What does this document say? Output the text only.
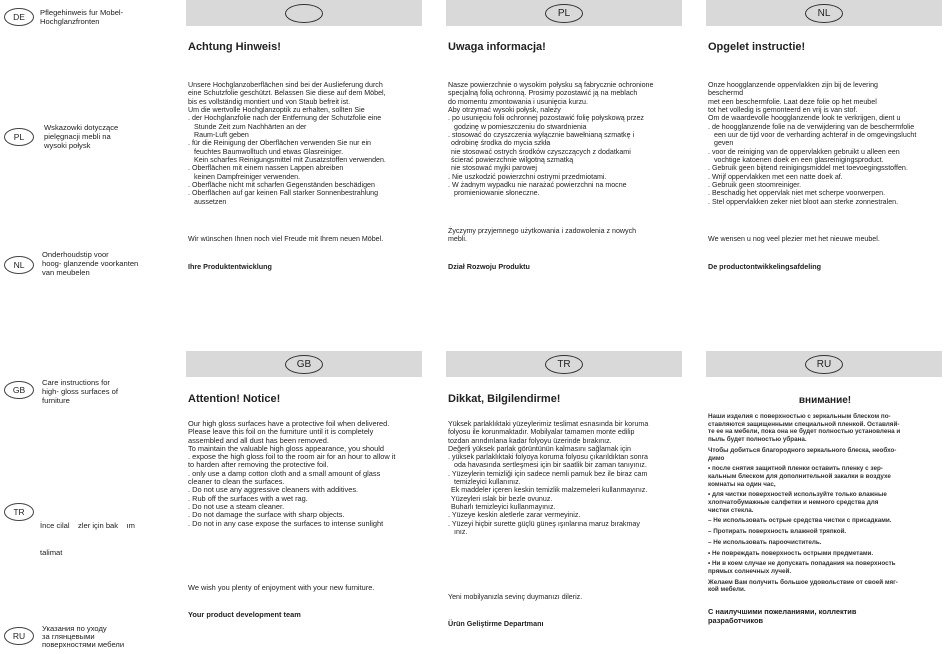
DE	Pflegehinweis fur Mobel-
Hochglanzfronten
PL
Wskazowki dotyczące
pielęgnacji mebli na
wysoki połysk
NL
Onderhoudstip voor
hoog- glanzende voorkanten
van meubelen
GB
Care instructions for
high- gloss surfaces of
furniture
TR

İnce cilal    zler için bak    ım

talimat

RU
Указания по уходу
за глянцевыми
поверхностями мебели
Achtung Hinweis!

Unsere Hochglanzoberflächen sind bei der Auslieferung durch

eine Schutzfolie geschützt. Belassen Sie diese auf dem Möbel,

bis es vollständig montiert und von Staub befreit ist.

Um die wertvolle Hochglanzoptik zu erhalten, sollten Sie

. der Hochglanzfolie nach der Entfernung der Schutzfolie eine

Stunde Zeit zum Nachhärten an der

Raum-Luft geben

. für die Reinigung der Oberflächen verwenden Sie nur ein

feuchtes Baumwolltuch und etwas Glasreiniger.

Kein scharfes Reinigungsmittel mit Zusatzstoffen verwenden.

. Oberflächen mit einem nassen Lappen abreiben

keinen Dampfreiniger verwenden.

. Oberfläche nicht mit scharfen Gegenständen beschädigen

. Oberflächen auf gar keinen Fall starker Sonnenbestrahlung

aussetzen

Wir wünschen Ihnen noch viel Freude mit Ihrem neuen Möbel.

Ihre Produktentwicklung
PL
Uwaga informacja!

Nasze powierzchnie o wysokim połysku są fabrycznie ochronione

specjalną folią ochronną. Prosimy pozostawić ją na meblach

do momentu zmontowania i usunięcia kurzu.

Aby otrzymać wysoki połysk, należy

. po usunięciu folii ochronnej pozostawić folię połyskową przez

godzinę w pomieszczeniu do stwardnienia

. stosować do czyszczenia wyłącznie bawełnianą szmatkę i

odrobinę środka do mycia szkła

nie stosować ostrych środków czyszczących z dodatkami

ścierać powierzchnie wilgotną szmatką

nie stosować myjki parowej

. Nie uszkodzić powierzchni ostrymi przedmiotami.

. W żadnym wypadku nie narażać powierzchni na mocne

promieniowanie słoneczne.

Życzymy przyjemnego użytkowania i zadowolenia z nowych

mebli.

Dział Rozwoju Produktu
NL
Opgelet instructie!

Onze hoogglanzende oppervlakken zijn bij de levering

beschermd

met een beschermfolie. Laat deze folie op het meubel

tot het volledig is gemonteerd en vrij is van stof.

Om de waardevolle hoogglanzende look te verkrijgen, dient u

. de hoogglanzende folie na de verwijdering van de beschermfolie

een uur de tijd voor de verharding achteraf in de omgevingslucht

geven

. voor de reiniging van de oppervlakken gebruikt u alleen een

vochtige katoenen doek en een glasreinigingsproduct.

. Gebruik geen bijtend reinigingsmiddel met toevoegingsstoffen.

. Wrijf oppervlakken met een natte doek af.

. Gebruik geen stoomreiniger.

. Beschadig het oppervlak niet met scherpe voorwerpen.

. Stel oppervlakken zeker niet bloot aan sterke zonnestralen.

We wensen u nog veel plezier met het nieuwe meubel.

De productontwikkelingsafdeling
GB
Attention! Notice!

Our high gloss surfaces have a protective foil when delivered.

Please leave this foil on the furniture until it is completely

assembled and all dust has been removed.

To maintain the valuable high gloss appearance, you should

. expose the high gloss foil to the room air for an hour to allow it

to harden after removing the protective foil.

. only use a damp cotton cloth and a small amount of glass

cleaner to clean the surfaces.

. Do not use any aggressive cleaners with additives.

. Rub off the surfaces with a wet rag.

. Do not use a steam cleaner.

. Do not damage the surface with sharp objects.

. Do not in any case expose the surfaces to intense sunlight

We wish you plenty of enjoyment with your new furniture.

Your product development team
TR
Dikkat, Bilgilendirme!

Yüksek parlaklıktaki yüzeylerimiz teslimat esnasında bir koruma

folyosu ile korunmaktadır. Mobilyalar tamamen monte edilip

tozdan arındırılana kadar folyoyu üzerinde bırakınız.

Değerli yüksek parlak görüntünün kalmasını sağlamak için

. yüksek parlaklıktaki folyoya koruma folyosu çıkarıldıktan sonra

oda havasında sertleşmesi için bir saatlik bir zaman tanıyınız.

. Yüzeylerin temizliği için sadece nemli pamuk bez ile biraz cam

temizleyici kullanınız.

Ek maddeler içeren keskin temizlik malzemeleri kullanmayınız.

Yüzeyleri ıslak bir bezle ovunuz.

Buharlı temizleyici kullanmayınız.

. Yüzeye keskin aletlerle zarar vermeyiniz.

. Yüzeyi hiçbir surette güçlü güneş ışınlarına maruz bırakmay

ınız.

Yeni mobilyanızla sevinç duymanızı dileriz.

Ürün Geliştirme Departmanı
RU
внимание!

Наши изделия с поверхностью с зеркальным блеском по-

ставляются защищенными специальной пленкой. Оставляй-

те ее на мебели, пока она не будет полностью установлена и

пыль будет полностью убрана.

Чтобы добиться благородного зеркального блеска, необхо-

димо

• после снятия защитной пленки оставить пленку с зер-

кальным блеском для дополнительной закалки в воздухе

комнаты на один час,

• для чистки поверхностей используйте только влажные

хлопчатобумажные салфетки и немного средства для

чистки стекла.

– Не использовать острые средства чистки с присадками.

– Протирать поверхность влажной тряпкой.

– Не использовать пароочиститель.

• Не повреждать поверхность острыми предметами.

• Ни в коем случае не допускать попадания на поверхность

прямых солнечных лучей.

Желаем Вам получить большое удовольствие от своей мяг-

кой мебели.

С наилучшими пожеланиями, коллектив

разработчиков
